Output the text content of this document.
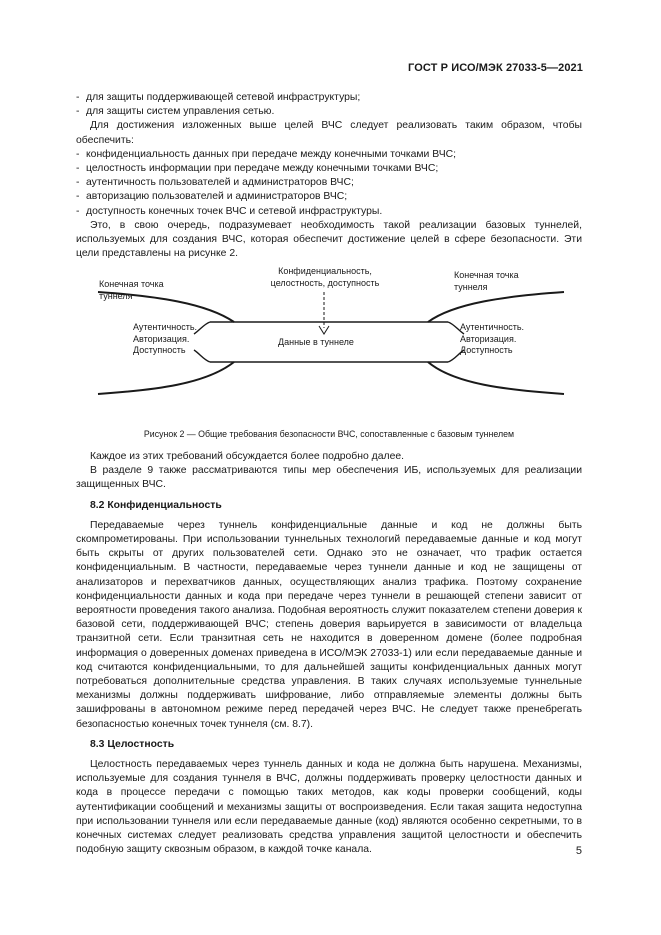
ГОСТ Р ИСО/МЭК 27033-5—2021

- для защиты поддерживающей сетевой инфраструктуры;

- для защиты систем управления сетью.

Для достижения изложенных выше целей ВЧС следует реализовать таким образом, чтобы обеспечить:

- конфиденциальность данных при передаче между конечными точками ВЧС;

- целостность информации при передаче между конечными точками ВЧС;

- аутентичность пользователей и администраторов ВЧС;

- авторизацию пользователей и администраторов ВЧС;

- доступность конечных точек ВЧС и сетевой инфраструктуры.

Это, в свою очередь, подразумевает необходимость такой реализации базовых туннелей, используемых для создания ВЧС, которая обеспечит достижение целей в сфере безопасности. Эти цели представлены на рисунке 2.

Конечная точка
туннеля
Конечная точка
туннеля
Конфиденциальность,
целостность, доступность
Аутентичность.
Авторизация.
Доступность
Аутентичность.
Авторизация.
Доступность
Данные в туннеле
Рисунок 2 — Общие требования безопасности ВЧС, сопоставленные с базовым туннелем

Каждое из этих требований обсуждается более подробно далее.

В разделе 9 также рассматриваются типы мер обеспечения ИБ, используемых для реализации защищенных ВЧС.

8.2 Конфиденциальность

Передаваемые через туннель конфиденциальные данные и код не должны быть скомпрометированы. При использовании туннельных технологий передаваемые данные и код могут быть скрыты от других пользователей сети. Однако это не означает, что трафик остается конфиденциальным. В частности, передаваемые через туннели данные и код не защищены от анализаторов и перехватчиков данных, осуществляющих анализ трафика. Поэтому сохранение конфиденциальности данных и кода при передаче через туннели в решающей степени зависит от вероятности проведения такого анализа. Подобная вероятность служит показателем степени доверия к базовой сети, поддерживающей ВЧС; степень доверия варьируется в зависимости от владельца транзитной сети. Если транзитная сеть не находится в доверенном домене (более подробная информация о доверенных доменах приведена в ИСО/МЭК 27033-1) или если передаваемые данные и код считаются конфиденциальными, то для дальнейшей защиты конфиденциальных данных могут потребоваться дополнительные средства управления. В таких случаях используемые туннельные механизмы должны поддерживать шифрование, либо отправляемые элементы должны быть зашифрованы в автономном режиме перед передачей через ВЧС. Не следует также пренебрегать безопасностью конечных точек туннеля (см. 8.7).

8.3 Целостность

Целостность передаваемых через туннель данных и кода не должна быть нарушена. Механизмы, используемые для создания туннеля в ВЧС, должны поддерживать проверку целостности данных и кода в процессе передачи с помощью таких методов, как коды проверки сообщений, коды аутентификации сообщений и механизмы защиты от воспроизведения. Если такая защита недоступна при использовании туннеля или если передаваемые данные (код) являются особенно секретными, то в конечных системах следует реализовать средства управления защитой целостности и обеспечить подобную защиту сквозным образом, в каждой точке канала.	5
